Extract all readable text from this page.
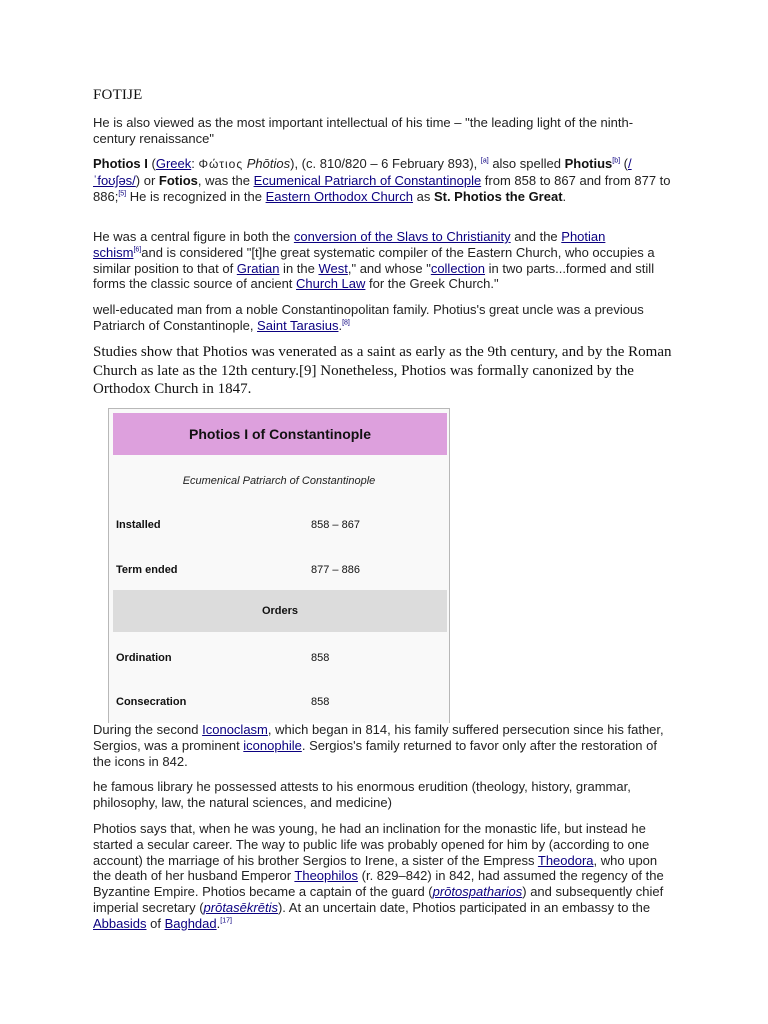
FOTIJE

He is also viewed as the most important intellectual of his time – "the leading light of the ninth-century renaissance"

Photios I (Greek: Φώτιος Phōtios), (c. 810/820 – 6 February 893), [a] also spelled Photius[b] (/ˈfoʊʃəs/) or Fotios, was the Ecumenical Patriarch of Constantinople from 858 to 867 and from 877 to 886;[5] He is recognized in the Eastern Orthodox Church as St. Photios the Great.

He was a central figure in both the conversion of the Slavs to Christianity and the Photian schism[6]and is considered "[t]he great systematic compiler of the Eastern Church, who occupies a similar position to that of Gratian in the West," and whose "collection in two parts...formed and still forms the classic source of ancient Church Law for the Greek Church."

well-educated man from a noble Constantinopolitan family. Photius's great uncle was a previous Patriarch of Constantinople, Saint Tarasius.[8]

Studies show that Photios was venerated as a saint as early as the 9th century, and by the Roman Church as late as the 12th century.[9] Nonetheless, Photios was formally canonized by the Orthodox Church in 1847.

Photios I of Constantinople
Ecumenical Patriarch of Constantinople
Installed	858 – 867
Term ended	877 – 886
Orders
Ordination	858
Consecration	858

During the second Iconoclasm, which began in 814, his family suffered persecution since his father, Sergios, was a prominent iconophile. Sergios's family returned to favor only after the restoration of the icons in 842.

he famous library he possessed attests to his enormous erudition (theology, history, grammar, philosophy, law, the natural sciences, and medicine)

Photios says that, when he was young, he had an inclination for the monastic life, but instead he started a secular career. The way to public life was probably opened for him by (according to one account) the marriage of his brother Sergios to Irene, a sister of the Empress Theodora, who upon the death of her husband Emperor Theophilos (r. 829–842) in 842, had assumed the regency of the Byzantine Empire. Photios became a captain of the guard (prōtospatharios) and subsequently chief imperial secretary (prōtasēkrētis). At an uncertain date, Photios participated in an embassy to the Abbasids of Baghdad.[17]
